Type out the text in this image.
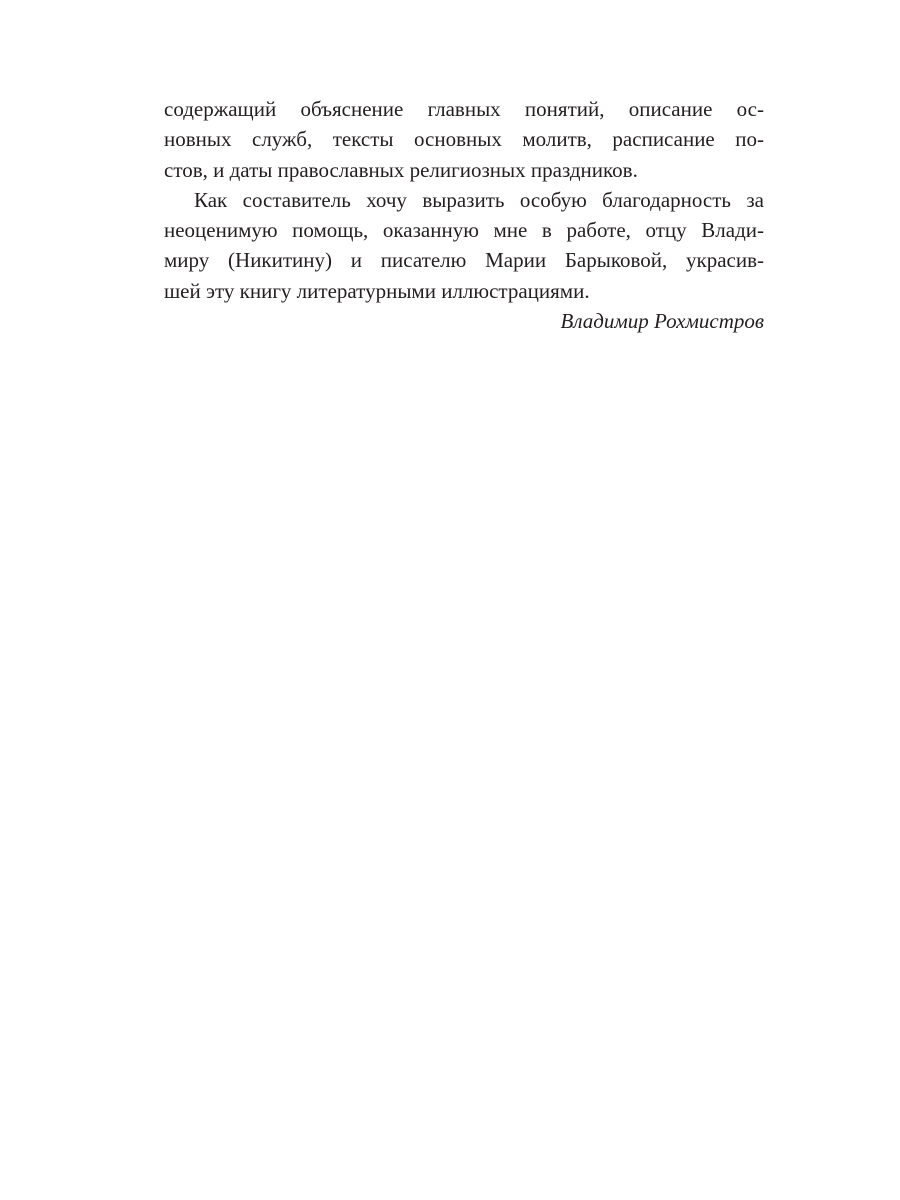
содержащий объяснение главных понятий, описание ос-
новных служб, тексты основных молитв, расписание по-
стов, и даты православных религиозных праздников.
Как составитель хочу выразить особую благодарность за
неоценимую помощь, оказанную мне в работе, отцу Влади-
миру (Никитину) и писателю Марии Барыковой, украсив-
шей эту книгу литературными иллюстрациями.
Владимир Рохмистров
